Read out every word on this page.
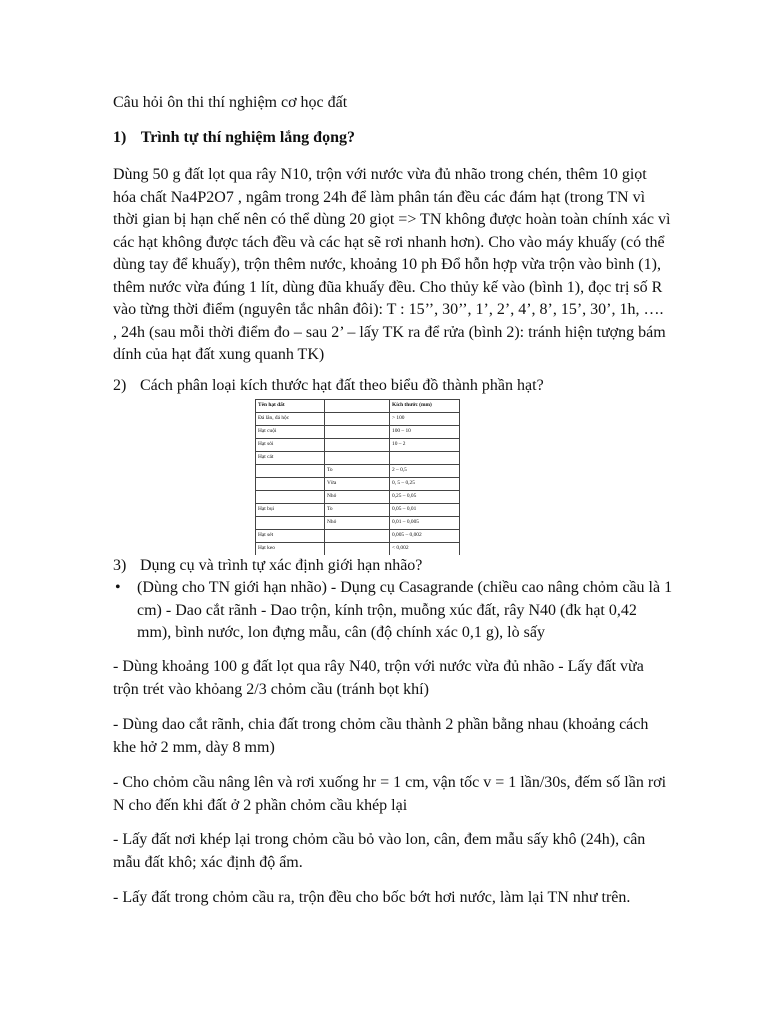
Câu hỏi ôn thi thí nghiệm cơ học đất
1) Trình tự thí nghiệm lắng đọng?
Dùng 50 g đất lọt qua rây N10, trộn với nước vừa đủ nhão trong chén, thêm 10 giọt hóa chất Na4P2O7 , ngâm trong 24h để làm phân tán đều các đám hạt (trong TN vì thời gian bị hạn chế nên có thể dùng 20 giọt => TN không được hoàn toàn chính xác vì các hạt không được tách đều và các hạt sẽ rơi nhanh hơn). Cho vào máy khuấy (có thể dùng tay để khuấy), trộn thêm nước, khoảng 10 ph Đổ hỗn hợp vừa trộn vào bình (1), thêm nước vừa đúng 1 lít, dùng đũa khuấy đều. Cho thủy kế vào (bình 1), đọc trị số R vào từng thời điểm (nguyên tắc nhân đôi): T : 15’’, 30’’, 1’, 2’, 4’, 8’, 15’, 30’, 1h, …. , 24h (sau mỗi thời điểm đo – sau 2’ – lấy TK ra để rửa (bình 2): tránh hiện tượng bám dính của hạt đất xung quanh TK)
2) Cách phân loại kích thước hạt đất theo biểu đồ thành phần hạt?
Tên hạt đất		Kích thước (mm)
Đá lăn, đá hộc		> 100
Hạt cuội		100 – 10
Hạt sỏi		10 – 2
Hạt cát		
	To	2 – 0,5
	Vừa	0, 5 – 0,25
	Nhỏ	0,25 – 0,05
Hạt bụi	To	0,05 – 0,01
	Nhỏ	0,01 – 0,005
Hạt sét		0,005 – 0,002
Hạt keo		< 0,002
3) Dụng cụ và trình tự xác định giới hạn nhão?
• (Dùng cho TN giới hạn nhão) - Dụng cụ Casagrande (chiều cao nâng chỏm cầu là 1 cm) - Dao cắt rãnh - Dao trộn, kính trộn, muỗng xúc đất, rây N40 (đk hạt 0,42 mm), bình nước, lon đựng mẫu, cân (độ chính xác 0,1 g), lò sấy
- Dùng khoảng 100 g đất lọt qua rây N40, trộn với nước vừa đủ nhão - Lấy đất vừa trộn trét vào khỏang 2/3 chỏm cầu (tránh bọt khí)
- Dùng dao cắt rãnh, chia đất trong chỏm cầu thành 2 phần bằng nhau (khoảng cách khe hở 2 mm, dày 8 mm)
- Cho chỏm cầu nâng lên và rơi xuống hr = 1 cm, vận tốc v = 1 lần/30s, đếm số lần rơi N cho đến khi đất ở 2 phần chỏm cầu khép lại
- Lấy đất nơi khép lại trong chỏm cầu bỏ vào lon, cân, đem mẫu sấy khô (24h), cân mẫu đất khô; xác định độ ẩm.
- Lấy đất trong chỏm cầu ra, trộn đều cho bốc bớt hơi nước, làm lại TN như trên.
